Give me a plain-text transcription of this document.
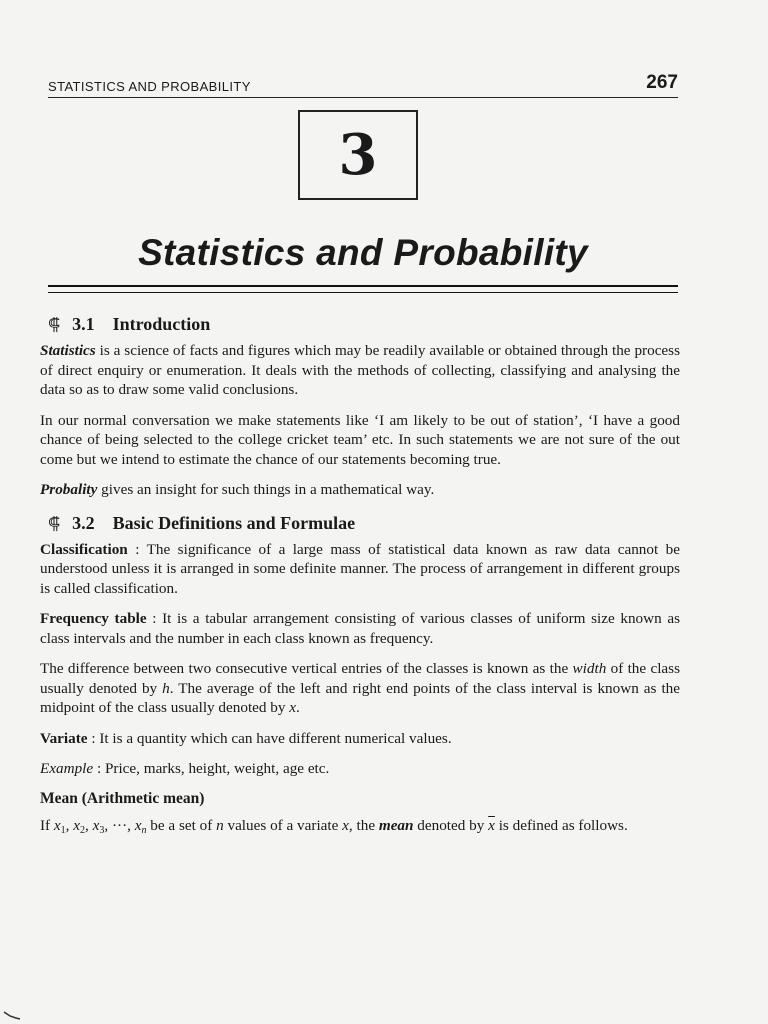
STATISTICS AND PROBABILITY	267
3
Statistics and Probability
⸿ 3.1 Introduction

Statistics is a science of facts and figures which may be readily available or obtained through the process of direct enquiry or enumeration. It deals with the methods of collecting, classifying and analysing the data so as to draw some valid conclusions.

In our normal conversation we make statements like ‘I am likely to be out of station’, ‘I have a good chance of being selected to the college cricket team’ etc. In such statements we are not sure of the out come but we intend to estimate the chance of our statements becoming true.

Probality gives an insight for such things in a mathematical way.

⸿ 3.2 Basic Definitions and Formulae

Classification : The significance of a large mass of statistical data known as raw data cannot be understood unless it is arranged in some definite manner. The process of arrangement in different groups is called classification.

Frequency table : It is a tabular arrangement consisting of various classes of uniform size known as class intervals and the number in each class known as frequency.

The difference between two consecutive vertical entries of the classes is known as the width of the class usually denoted by h. The average of the left and right end points of the class interval is known as the midpoint of the class usually denoted by x.

Variate : It is a quantity which can have different numerical values.

Example : Price, marks, height, weight, age etc.

Mean (Arithmetic mean)

If $x_1$, $x_2$, $x_3$, ···, $x_n$ be a set of n values of a variate x, the mean denoted by $\overline{x}$ is defined as follows.
